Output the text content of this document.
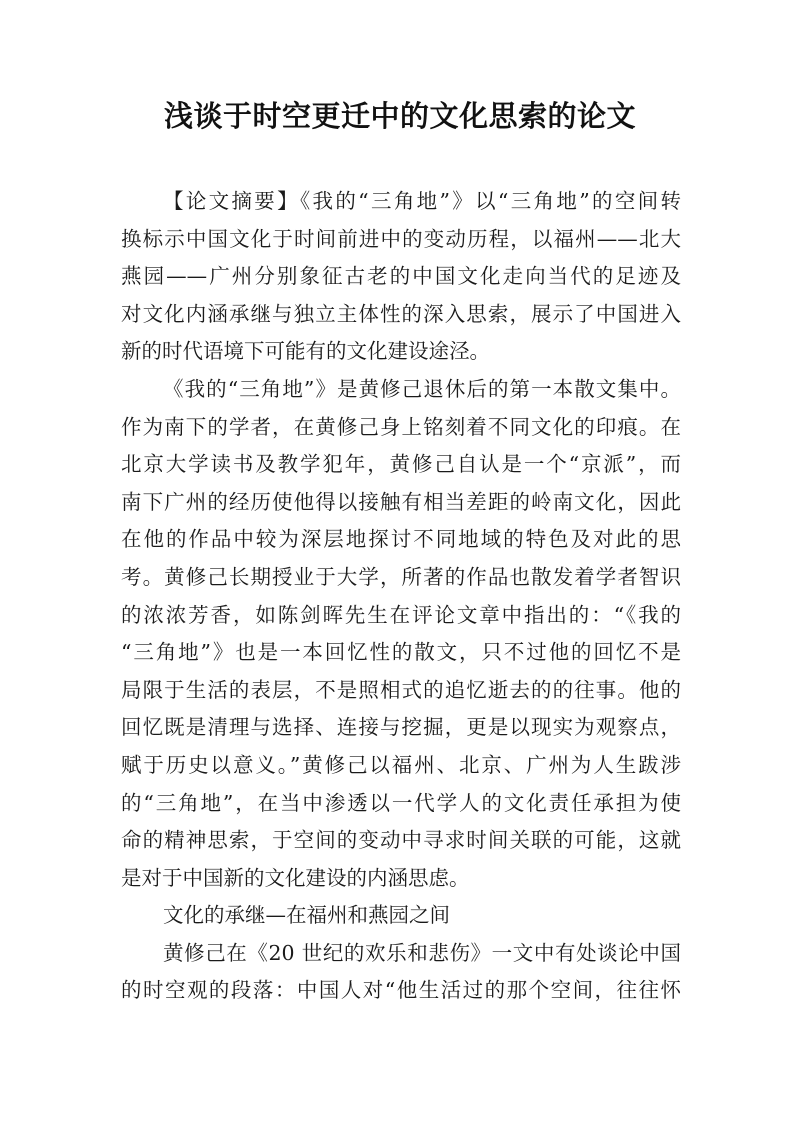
浅谈于时空更迁中的文化思索的论文
【论文摘要】《我的“三角地”》以“三角地”的空间转
换标示中国文化于时间前进中的变动历程，以福州——北大
燕园——广州分别象征古老的中国文化走向当代的足迹及
对文化内涵承继与独立主体性的深入思索，展示了中国进入
新的时代语境下可能有的文化建设途泾。
《我的“三角地”》是黄修己退休后的第一本散文集中。
作为南下的学者，在黄修己身上铭刻着不同文化的印痕。在
北京大学读书及教学犯年，黄修己自认是一个“京派”，而
南下广州的经历使他得以接触有相当差距的岭南文化，因此
在他的作品中较为深层地探讨不同地域的特色及对此的思
考。黄修己长期授业于大学，所著的作品也散发着学者智识
的浓浓芳香，如陈剑晖先生在评论文章中指出的：“《我的
“三角地”》也是一本回忆性的散文，只不过他的回忆不是
局限于生活的表层，不是照相式的追忆逝去的的往事。他的
回忆既是清理与选择、连接与挖掘，更是以现实为观察点，
赋于历史以意义。”黄修己以福州、北京、广州为人生跋涉
的“三角地”，在当中渗透以一代学人的文化责任承担为使
命的精神思索，于空间的变动中寻求时间关联的可能，这就
是对于中国新的文化建设的内涵思虑。
文化的承继—在福州和燕园之间
黄修己在《20 世纪的欢乐和悲伤》一文中有处谈论中国
的时空观的段落：中国人对“他生活过的那个空间，往往怀
